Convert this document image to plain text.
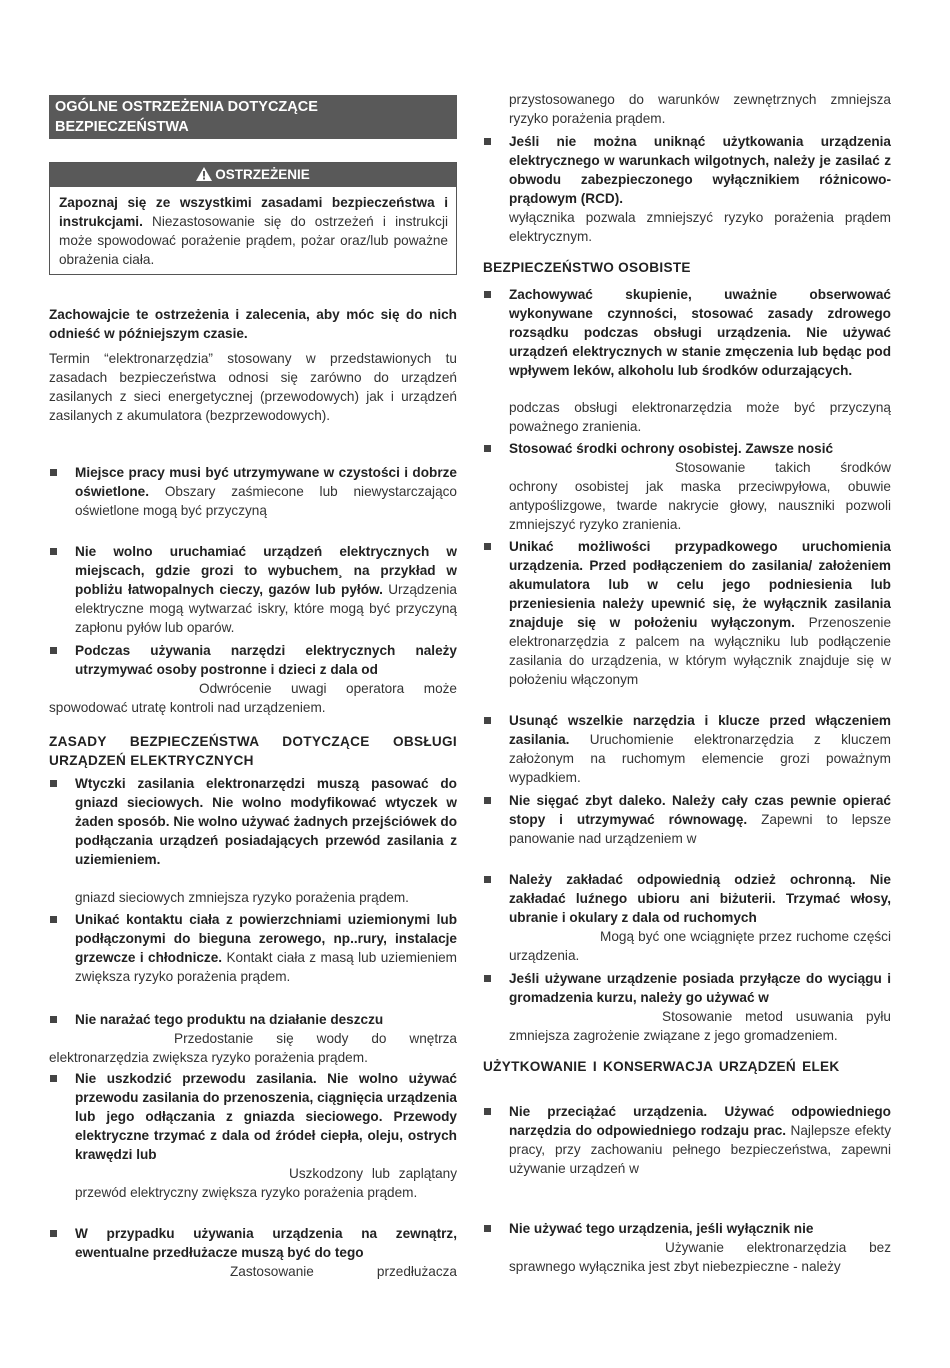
OGÓLNE OSTRZEŻENIA DOTYCZĄCE
BEZPIECZEŃSTWA
OSTRZEŻENIE
Zapoznaj się ze wszystkimi zasadami bezpieczeństwa i instrukcjami. Niezastosowanie się do ostrzeżeń i instrukcji może spowodować porażenie prądem, pożar oraz/lub poważne obrażenia ciała.
Zachowajcie te ostrzeżenia i zalecenia, aby móc się do nich odnieść w późniejszym czasie.
Termin “elektronarzędzia” stosowany w przedstawionych tu zasadach bezpieczeństwa odnosi się zarówno do urządzeń zasilanych z sieci energetycznej (przewodowych) jak i urządzeń zasilanych z akumulatora (bezprzewodowych).
Miejsce pracy musi być utrzymywane w czystości i dobrze oświetlone. Obszary zaśmiecone lub niewystarczająco oświetlone mogą być przyczyną
Nie wolno uruchamiać urządzeń elektrycznych w miejscach, gdzie grozi to wybuchem¸ na przykład w pobliżu łatwopalnych cieczy, gazów lub pyłów. Urządzenia elektryczne mogą wytwarzać iskry, które mogą być przyczyną zapłonu pyłów lub oparów.
Podczas używania narzędzi elektrycznych należy utrzymywać osoby postronne i dzieci z dala od
Odwrócenie uwagi operatora może spowodować utratę kontroli nad urządzeniem.
ZASADY BEZPIECZEŃSTWA DOTYCZĄCE OBSŁUGI
URZĄDZEŃ ELEKTRYCZNYCH
Wtyczki zasilania elektronarzędzi muszą pasować do gniazd sieciowych. Nie wolno modyfikować wtyczek w żaden sposób. Nie wolno używać żadnych przejściówek do podłączania urządzeń posiadających przewód zasilania z uziemieniem.
gniazd sieciowych zmniejsza ryzyko porażenia prądem.
Unikać kontaktu ciała z powierzchniami uziemionymi lub podłączonymi do bieguna zerowego, np..rury, instalacje grzewcze i chłodnicze. Kontakt ciała z masą lub uziemieniem zwiększa ryzyko porażenia prądem.
Nie narażać tego produktu na działanie deszczu
Przedostanie się wody do wnętrza elektronarzędzia zwiększa ryzyko porażenia prądem.
Nie uszkodzić przewodu zasilania. Nie wolno używać przewodu zasilania do przenoszenia, ciągnięcia urządzenia lub jego odłączania z gniazda sieciowego. Przewody elektryczne trzymać z dala od źródeł ciepła, oleju, ostrych krawędzi lub
Uszkodzony lub zaplątany przewód elektryczny zwiększa ryzyko porażenia prądem.
W przypadku używania urządzenia na zewnątrz, ewentualne przedłużacze muszą być do tego
Zastosowanie przedłużacza
przystosowanego do warunków zewnętrznych zmniejsza ryzyko porażenia prądem.
Jeśli nie można uniknąć użytkowania urządzenia elektrycznego w warunkach wilgotnych, należy je zasilać z obwodu zabezpieczonego wyłącznikiem różnicowo-prądowym (RCD).
wyłącznika pozwala zmniejszyć ryzyko porażenia prądem elektrycznym.
BEZPIECZEŃSTWO OSOBISTE
Zachowywać skupienie, uważnie obserwować wykonywane czynności, stosować zasady zdrowego rozsądku podczas obsługi urządzenia. Nie używać urządzeń elektrycznych w stanie zmęczenia lub będąc pod wpływem leków, alkoholu lub środków odurzających.
podczas obsługi elektronarzędzia może być przyczyną poważnego zranienia.
Stosować środki ochrony osobistej. Zawsze nosić
Stosowanie takich środków ochrony osobistej jak maska przeciwpyłowa, obuwie antypoślizgowe, twarde nakrycie głowy, nauszniki pozwoli zmniejszyć ryzyko zranienia.
Unikać możliwości przypadkowego uruchomienia urządzenia. Przed podłączeniem do zasilania/ założeniem akumulatora lub w celu jego podniesienia lub przeniesienia należy upewnić się, że wyłącznik zasilania znajduje się w położeniu wyłączonym. Przenoszenie elektronarzędzia z palcem na wyłączniku lub podłączenie zasilania do urządzenia, w którym wyłącznik znajduje się w położeniu włączonym
Usunąć wszelkie narzędzia i klucze przed włączeniem zasilania. Uruchomienie elektronarzędzia z kluczem założonym na ruchomym elemencie grozi poważnym wypadkiem.
Nie sięgać zbyt daleko. Należy cały czas pewnie opierać stopy i utrzymywać równowagę. Zapewni to lepsze panowanie nad urządzeniem w
Należy zakładać odpowiednią odzież ochronną. Nie zakładać luźnego ubioru ani biżuterii. Trzymać włosy, ubranie i okulary z dala od ruchomych
Mogą być one wciągnięte przez ruchome części urządzenia.
Jeśli używane urządzenie posiada przyłącze do wyciągu i gromadzenia kurzu, należy go używać w
Stosowanie metod usuwania pyłu zmniejsza zagrożenie związane z jego gromadzeniem.
UŻYTKOWANIE I KONSERWACJA URZĄDZEŃ ELEK
Nie przeciążać urządzenia. Używać odpowiedniego narzędzia do odpowiedniego rodzaju prac. Najlepsze efekty pracy, przy zachowaniu pełnego bezpieczeństwa, zapewni używanie urządzeń w
Nie używać tego urządzenia, jeśli wyłącznik nie
Używanie elektronarzędzia bez sprawnego wyłącznika jest zbyt niebezpieczne - należy
